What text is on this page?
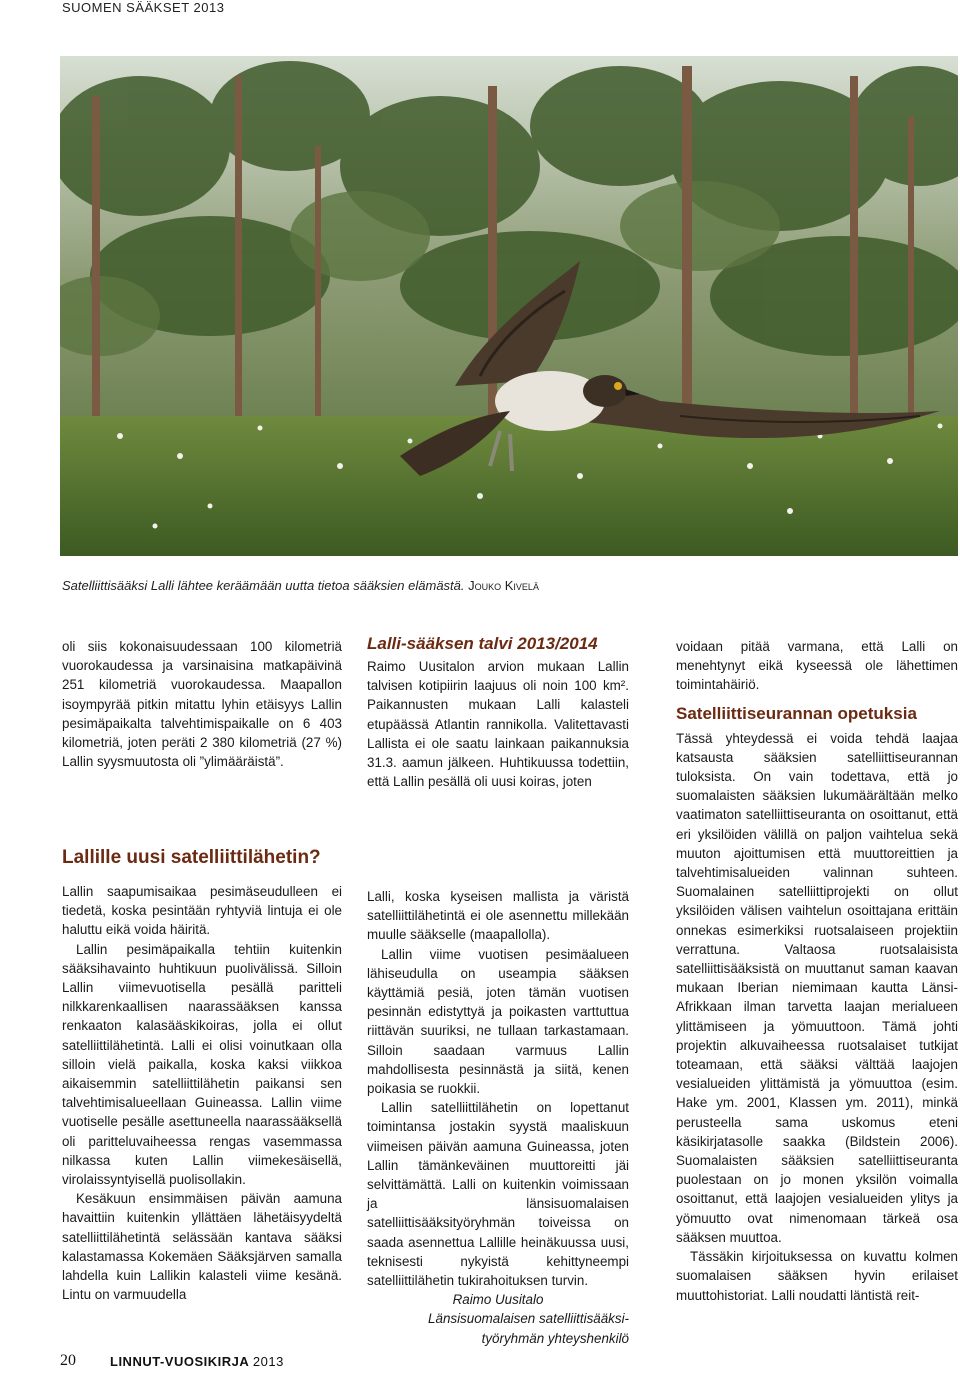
SUOMEN SÄÄKSET 2013
Satelliittisääksi Lalli lähtee keräämään uutta tietoa sääksien elämästä. Jouko Kivelä

oli siis kokonaisuudessaan 100 kilometriä vuorokaudessa ja varsinaisina matkapäivinä 251 kilometriä vuorokaudessa. Maapallon isoympyrää pitkin mitattu lyhin etäisyys Lallin pesimäpaikalta talvehtimispaikalle on 6 403 kilometriä, joten peräti 2 380 kilometriä (27 %) Lallin syysmuutosta oli ”ylimääräistä”.

Lallille uusi satelliittilähetin?

Lallin saapumisaikaa pesimäseudulleen ei tiedetä, koska pesintään ryhtyviä lintuja ei ole haluttu eikä voida häiritä.

Lallin pesimäpaikalla tehtiin kuitenkin sääksihavainto huhtikuun puolivälissä. Silloin Lallin viimevuotisella pesällä paritteli nilkkarenkaallisen naarassääksen kanssa renkaaton kalasääskikoiras, jolla ei ollut satelliittilähetintä. Lalli ei olisi voinutkaan olla silloin vielä paikalla, koska kaksi viikkoa aikaisemmin satelliittilähetin paikansi sen talvehtimisalueellaan Guineassa. Lallin viime vuotiselle pesälle asettuneella naarassääksellä oli paritteluvaiheessa rengas vasemmassa nilkassa kuten Lallin viimekesäisellä, virolaissyntyisellä puolisollakin.

Kesäkuun ensimmäisen päivän aamuna havaittiin kuitenkin yllättäen lähetäisyydeltä satelliittilähetintä selässään kantava sääksi kalastamassa Kokemäen Sääksjärven samalla lahdella kuin Lallikin kalasteli viime kesänä. Lintu on varmuudella

Lalli-sääksen talvi 2013/2014

Raimo Uusitalon arvion mukaan Lallin talvisen kotipiirin laajuus oli noin 100 km². Paikannusten mukaan Lalli kalasteli etupäässä Atlantin rannikolla. Valitettavasti Lallista ei ole saatu lainkaan paikannuksia 31.3. aamun jälkeen. Huhtikuussa todettiin, että Lallin pesällä oli uusi koiras, joten

Lalli, koska kyseisen mallista ja väristä satelliittilähetintä ei ole asennettu millekään muulle sääkselle (maapallolla).

Lallin viime vuotisen pesimäalueen lähiseudulla on useampia sääksen käyttämiä pesiä, joten tämän vuotisen pesinnän edistyttyä ja poikasten varttuttua riittävän suuriksi, ne tullaan tarkastamaan. Silloin saadaan varmuus Lallin mahdollisesta pesinnästä ja siitä, kenen poikasia se ruokkii.

Lallin satelliittilähetin on lopettanut toimintansa jostakin syystä maaliskuun viimeisen päivän aamuna Guineassa, joten Lallin tämänkeväinen muuttoreitti jäi selvittämättä. Lalli on kuitenkin voimissaan ja länsisuomalaisen satelliittisääksityöryhmän toiveissa on saada asennettua Lallille heinäkuussa uusi, teknisesti nykyistä kehittyneempi satelliittilähetin tukirahoituksen turvin.

Raimo Uusitalo

Länsisuomalaisen satelliittisääksi-

työryhmän yhteyshenkilö

voidaan pitää varmana, että Lalli on menehtynyt eikä kyseessä ole lähettimen toimintahäiriö.

Satelliittiseurannan opetuksia

Tässä yhteydessä ei voida tehdä laajaa katsausta sääksien satelliittiseurannan tuloksista. On vain todettava, että jo suomalaisten sääksien lukumäärältään melko vaatimaton satelliittiseuranta on osoittanut, että eri yksilöiden välillä on paljon vaihtelua sekä muuton ajoittumisen että muuttoreittien ja talvehtimisalueiden valinnan suhteen. Suomalainen satelliittiprojekti on ollut yksilöiden välisen vaihtelun osoittajana erittäin onnekas esimerkiksi ruotsalaiseen projektiin verrattuna. Valtaosa ruotsalaisista satelliittisääksistä on muuttanut saman kaavan mukaan Iberian niemimaan kautta Länsi-Afrikkaan ilman tarvetta laajan merialueen ylittämiseen ja yömuuttoon. Tämä johti projektin alkuvaiheessa ruotsalaiset tutkijat toteamaan, että sääksi välttää laajojen vesialueiden ylittämistä ja yömuuttoa (esim. Hake ym. 2001, Klassen ym. 2011), minkä perusteella sama uskomus eteni käsikirjatasolle saakka (Bildstein 2006). Suomalaisten sääksien satelliittiseuranta puolestaan on jo monen yksilön voimalla osoittanut, että laajojen vesialueiden ylitys ja yömuutto ovat nimenomaan tärkeä osa sääksen muuttoa.

Tässäkin kirjoituksessa on kuvattu kolmen suomalaisen sääksen hyvin erilaiset muuttohistoriat. Lalli noudatti läntistä reit-

20	LINNUT-VUOSIKIRJA 2013
